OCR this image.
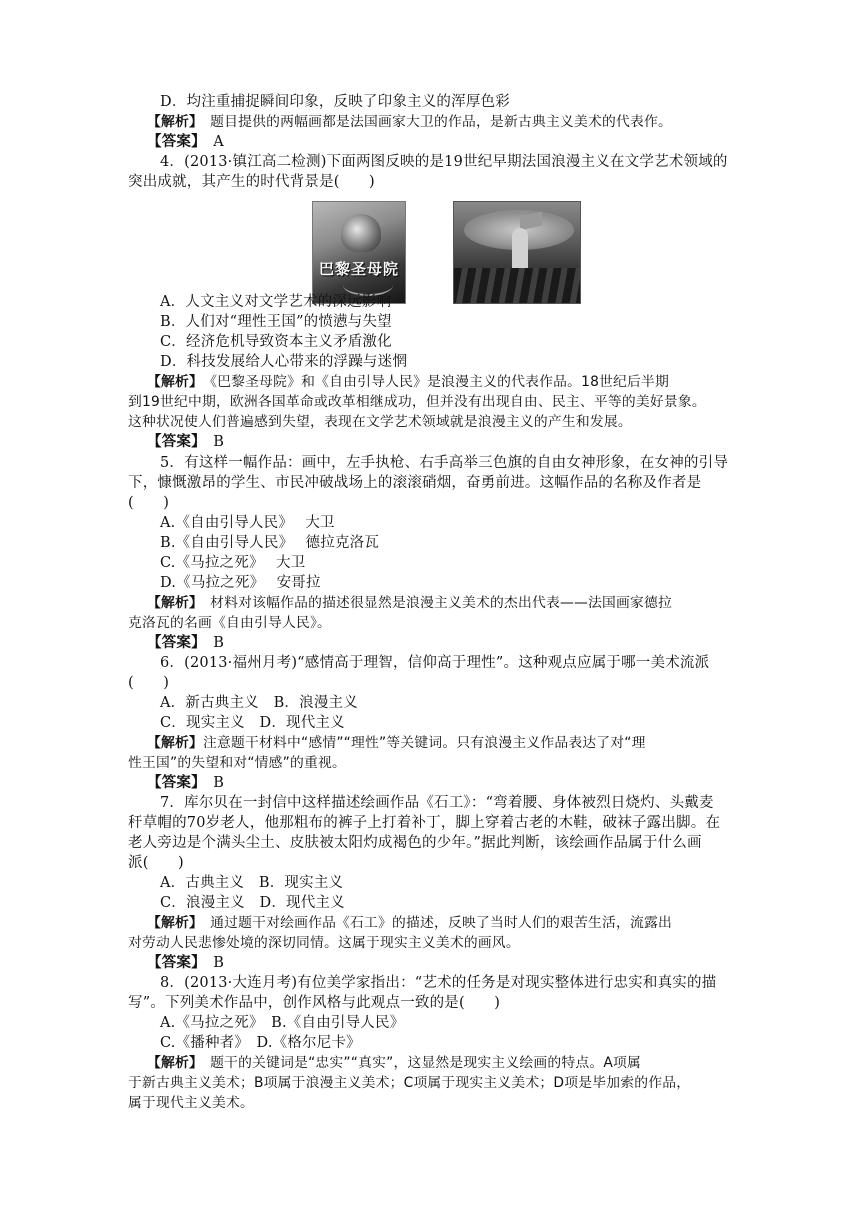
巴黎圣母院
D．均注重捕捉瞬间印象，反映了印象主义的浑厚色彩
【解析】　题目提供的两幅画都是法国画家大卫的作品，是新古典主义美术的代表作。
【答案】　A
4．(2013·镇江高二检测)下面两图反映的是19世纪早期法国浪漫主义在文学艺术领域的
突出成就，其产生的时代背景是(　　)
A．人文主义对文学艺术的深远影响
B．人们对“理性王国”的愤懑与失望
C．经济危机导致资本主义矛盾激化
D．科技发展给人心带来的浮躁与迷惘
【解析】　《巴黎圣母院》和《自由引导人民》是浪漫主义的代表作品。18世纪后半期
到19世纪中期，欧洲各国革命或改革相继成功，但并没有出现自由、民主、平等的美好景象。
这种状况使人们普遍感到失望，表现在文学艺术领域就是浪漫主义的产生和发展。
【答案】　B
5．有这样一幅作品：画中，左手执枪、右手高举三色旗的自由女神形象，在女神的引导
下，慷慨激昂的学生、市民冲破战场上的滚滚硝烟，奋勇前进。这幅作品的名称及作者是
(　　)
A.《自由引导人民》　 大卫
B.《自由引导人民》　 德拉克洛瓦
C.《马拉之死》　 大卫
D.《马拉之死》　 安哥拉
【解析】　材料对该幅作品的描述很显然是浪漫主义美术的杰出代表——法国画家德拉
克洛瓦的名画《自由引导人民》。
【答案】　B
6．(2013·福州月考)“感情高于理智，信仰高于理性”。这种观点应属于哪一美术流派
(　　)
A．新古典主义　B．浪漫主义
C．现实主义　D．现代主义
【解析】注意题干材料中“感情”“理性”等关键词。只有浪漫主义作品表达了对“理
性王国”的失望和对“情感”的重视。
【答案】　B
7．库尔贝在一封信中这样描述绘画作品《石工》：“弯着腰、身体被烈日烧灼、头戴麦
秆草帽的70岁老人，他那粗布的裤子上打着补丁，脚上穿着古老的木鞋，破袜子露出脚。在
老人旁边是个满头尘土、皮肤被太阳灼成褐色的少年。”据此判断，该绘画作品属于什么画
派(　　)
A．古典主义　B．现实主义
C．浪漫主义　D．现代主义
【解析】　通过题干对绘画作品《石工》的描述，反映了当时人们的艰苦生活，流露出
对劳动人民悲惨处境的深切同情。这属于现实主义美术的画风。
【答案】　B
8．(2013·大连月考)有位美学家指出：“艺术的任务是对现实整体进行忠实和真实的描
写”。下列美术作品中，创作风格与此观点一致的是(　　)
A.《马拉之死》　B.《自由引导人民》
C.《播种者》　D.《格尔尼卡》
【解析】　题干的关键词是“忠实”“真实”，这显然是现实主义绘画的特点。A项属
于新古典主义美术；B项属于浪漫主义美术；C项属于现实主义美术；D项是毕加索的作品，
属于现代主义美术。
